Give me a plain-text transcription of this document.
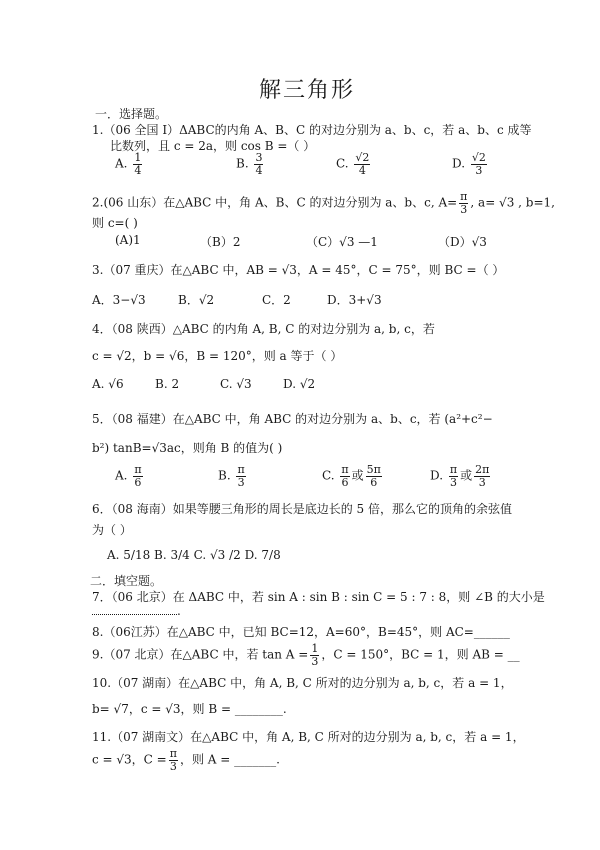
解三角形
一．选择题。
1.（06 全国 I）ΔABC的内角 A、B、C 的对边分别为 a、b、c，若 a、b、c 成等
比数列，且 c = 2a，则 cos B =（ ）
A. $\frac{1}{4}$	B. $\frac{3}{4}$	C. $\frac{√2}{4}$	D. $\frac{√2}{3}$
2.(06 山东）在△ABC 中，角 A、B、C 的对边分别为 a、b、c, $A= \frac{\pi}{3}$ , a= √3 , b=1,
则 c=( )
(A)1	（B）2	（C）√3 —1	（D）√3
3.（07 重庆）在△ABC 中，AB = √3，A = 45°，C = 75°，则 BC =（ ）
A．3−√3	B．√2	C．2	D．3+√3
4．（08 陕西）△ABC 的内角 A, B, C 的对边分别为 a, b, c，若
c = √2，b = √6，B = 120°，则 a 等于（ ）
A. √6	B. 2	C. √3	D. √2
5．（08 福建）在△ABC 中，角 ABC 的对边分别为 a、b、c，若 (a²+c²−
b²) tanB=√3ac，则角 B 的值为( )
A. $\frac{\pi}{6}$	B. $\frac{\pi}{3}$	C. $\frac{\pi}{6}$ 或 $\frac{5\pi}{6}$	D. $\frac{\pi}{3}$ 或 $\frac{2\pi}{3}$
6．（08 海南）如果等腰三角形的周长是底边长的 5 倍，那么它的顶角的余弦值
为（ ）
A. 5/18 B. 3/4 C. √3 /2 D. 7/8
二．填空题。
7．（06 北京）在 ΔABC 中，若 sin A : sin B : sin C = 5 : 7 : 8，则 ∠B 的大小是
.
8.（06江苏）在△ABC 中，已知 BC=12，A=60°，B=45°，则 AC=______
9.（07 北京）在△ABC 中，若 $\tan A = \frac{1}{3}$ ，C = 150°，BC = 1，则 AB = __
10.（07 湖南）在△ABC 中，角 A, B, C 所对的边分别为 a, b, c，若 a = 1，
b= √7，c = √3，则 B = ________.
11.（07 湖南文）在△ABC 中，角 A, B, C 所对的边分别为 a, b, c，若 a = 1，
c = √3，$C = \frac{\pi}{3}$ ，则 A = _______.
